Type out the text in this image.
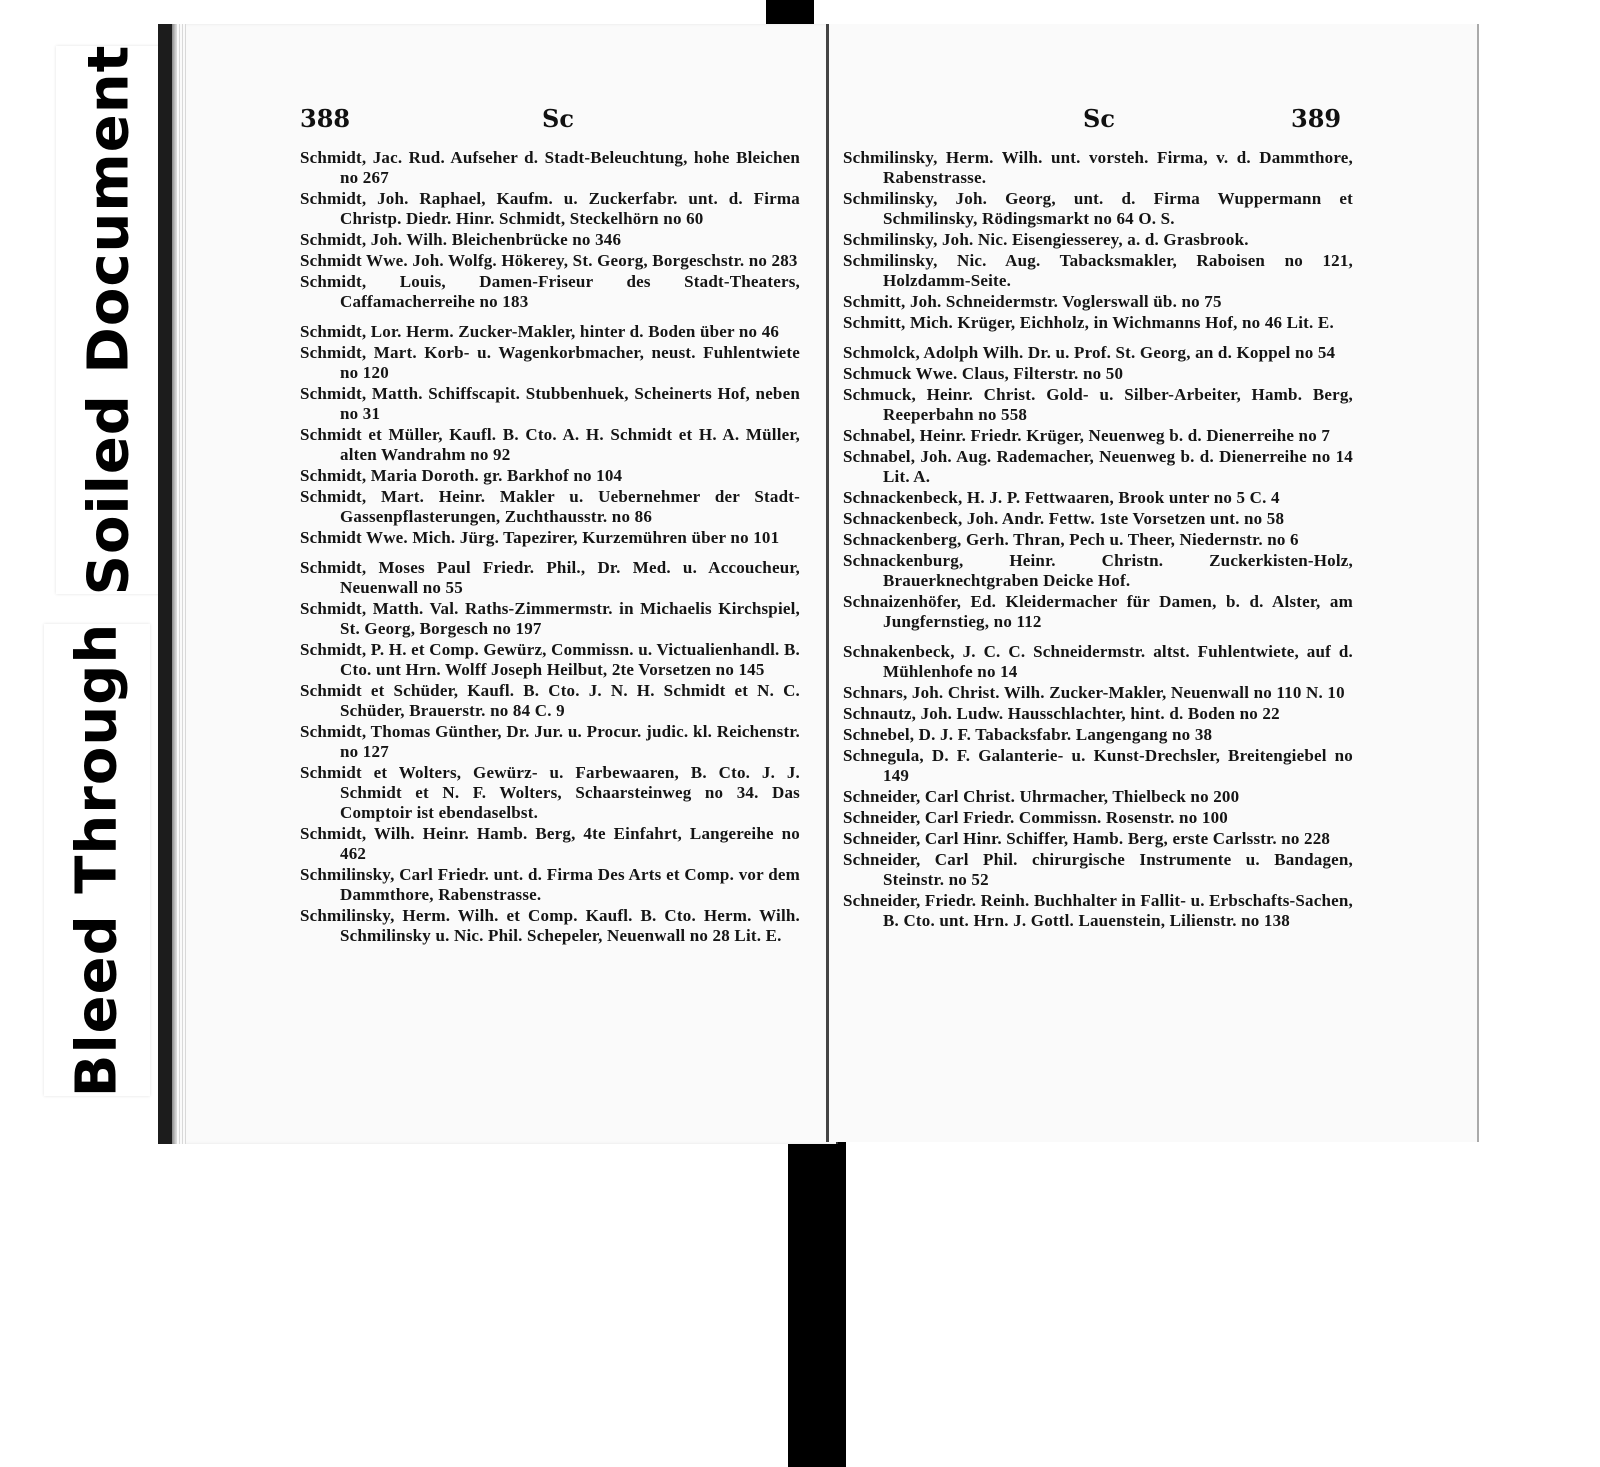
Soiled Document
Bleed Through
388	Sc
Schmidt, Jac. Rud. Aufseher d. Stadt-Beleuchtung, hohe Bleichen no 267
Schmidt, Joh. Raphael, Kaufm. u. Zuckerfabr. unt. d. Firma Christp. Diedr. Hinr. Schmidt, Steckelhörn no 60
Schmidt, Joh. Wilh. Bleichenbrücke no 346
Schmidt Wwe. Joh. Wolfg. Hökerey, St. Georg, Borgeschstr. no 283
Schmidt, Louis, Damen-Friseur des Stadt-Theaters, Caffamacherreihe no 183
Schmidt, Lor. Herm. Zucker-Makler, hinter d. Boden über no 46
Schmidt, Mart. Korb- u. Wagenkorbmacher, neust. Fuhlentwiete no 120
Schmidt, Matth. Schiffscapit. Stubbenhuek, Scheinerts Hof, neben no 31
Schmidt et Müller, Kaufl. B. Cto. A. H. Schmidt et H. A. Müller, alten Wandrahm no 92
Schmidt, Maria Doroth. gr. Barkhof no 104
Schmidt, Mart. Heinr. Makler u. Uebernehmer der Stadt-Gassenpflasterungen, Zuchthausstr. no 86
Schmidt Wwe. Mich. Jürg. Tapezirer, Kurzemühren über no 101
Schmidt, Moses Paul Friedr. Phil., Dr. Med. u. Accoucheur, Neuenwall no 55
Schmidt, Matth. Val. Raths-Zimmermstr. in Michaelis Kirchspiel, St. Georg, Borgesch no 197
Schmidt, P. H. et Comp. Gewürz, Commissn. u. Victualienhandl. B. Cto. unt Hrn. Wolff Joseph Heilbut, 2te Vorsetzen no 145
Schmidt et Schüder, Kaufl. B. Cto. J. N. H. Schmidt et N. C. Schüder, Brauerstr. no 84 C. 9
Schmidt, Thomas Günther, Dr. Jur. u. Procur. judic. kl. Reichenstr. no 127
Schmidt et Wolters, Gewürz- u. Farbewaaren, B. Cto. J. J. Schmidt et N. F. Wolters, Schaarsteinweg no 34. Das Comptoir ist ebendaselbst.
Schmidt, Wilh. Heinr. Hamb. Berg, 4te Einfahrt, Langereihe no 462
Schmilinsky, Carl Friedr. unt. d. Firma Des Arts et Comp. vor dem Dammthore, Rabenstrasse.
Schmilinsky, Herm. Wilh. et Comp. Kaufl. B. Cto. Herm. Wilh. Schmilinsky u. Nic. Phil. Schepeler, Neuenwall no 28 Lit. E.
Sc	389
Schmilinsky, Herm. Wilh. unt. vorsteh. Firma, v. d. Dammthore, Rabenstrasse.
Schmilinsky, Joh. Georg, unt. d. Firma Wuppermann et Schmilinsky, Rödingsmarkt no 64 O. S.
Schmilinsky, Joh. Nic. Eisengiesserey, a. d. Grasbrook.
Schmilinsky, Nic. Aug. Tabacksmakler, Raboisen no 121, Holzdamm-Seite.
Schmitt, Joh. Schneidermstr. Voglerswall üb. no 75
Schmitt, Mich. Krüger, Eichholz, in Wichmanns Hof, no 46 Lit. E.
Schmolck, Adolph Wilh. Dr. u. Prof. St. Georg, an d. Koppel no 54
Schmuck Wwe. Claus, Filterstr. no 50
Schmuck, Heinr. Christ. Gold- u. Silber-Arbeiter, Hamb. Berg, Reeperbahn no 558
Schnabel, Heinr. Friedr. Krüger, Neuenweg b. d. Dienerreihe no 7
Schnabel, Joh. Aug. Rademacher, Neuenweg b. d. Dienerreihe no 14 Lit. A.
Schnackenbeck, H. J. P. Fettwaaren, Brook unter no 5 C. 4
Schnackenbeck, Joh. Andr. Fettw. 1ste Vorsetzen unt. no 58
Schnackenberg, Gerh. Thran, Pech u. Theer, Niedernstr. no 6
Schnackenburg, Heinr. Christn. Zuckerkisten-Holz, Brauerknechtgraben Deicke Hof.
Schnaizenhöfer, Ed. Kleidermacher für Damen, b. d. Alster, am Jungfernstieg, no 112
Schnakenbeck, J. C. C. Schneidermstr. altst. Fuhlentwiete, auf d. Mühlenhofe no 14
Schnars, Joh. Christ. Wilh. Zucker-Makler, Neuenwall no 110 N. 10
Schnautz, Joh. Ludw. Hausschlachter, hint. d. Boden no 22
Schnebel, D. J. F. Tabacksfabr. Langengang no 38
Schnegula, D. F. Galanterie- u. Kunst-Drechsler, Breitengiebel no 149
Schneider, Carl Christ. Uhrmacher, Thielbeck no 200
Schneider, Carl Friedr. Commissn. Rosenstr. no 100
Schneider, Carl Hinr. Schiffer, Hamb. Berg, erste Carlsstr. no 228
Schneider, Carl Phil. chirurgische Instrumente u. Bandagen, Steinstr. no 52
Schneider, Friedr. Reinh. Buchhalter in Fallit- u. Erbschafts-Sachen, B. Cto. unt. Hrn. J. Gottl. Lauenstein, Lilienstr. no 138
